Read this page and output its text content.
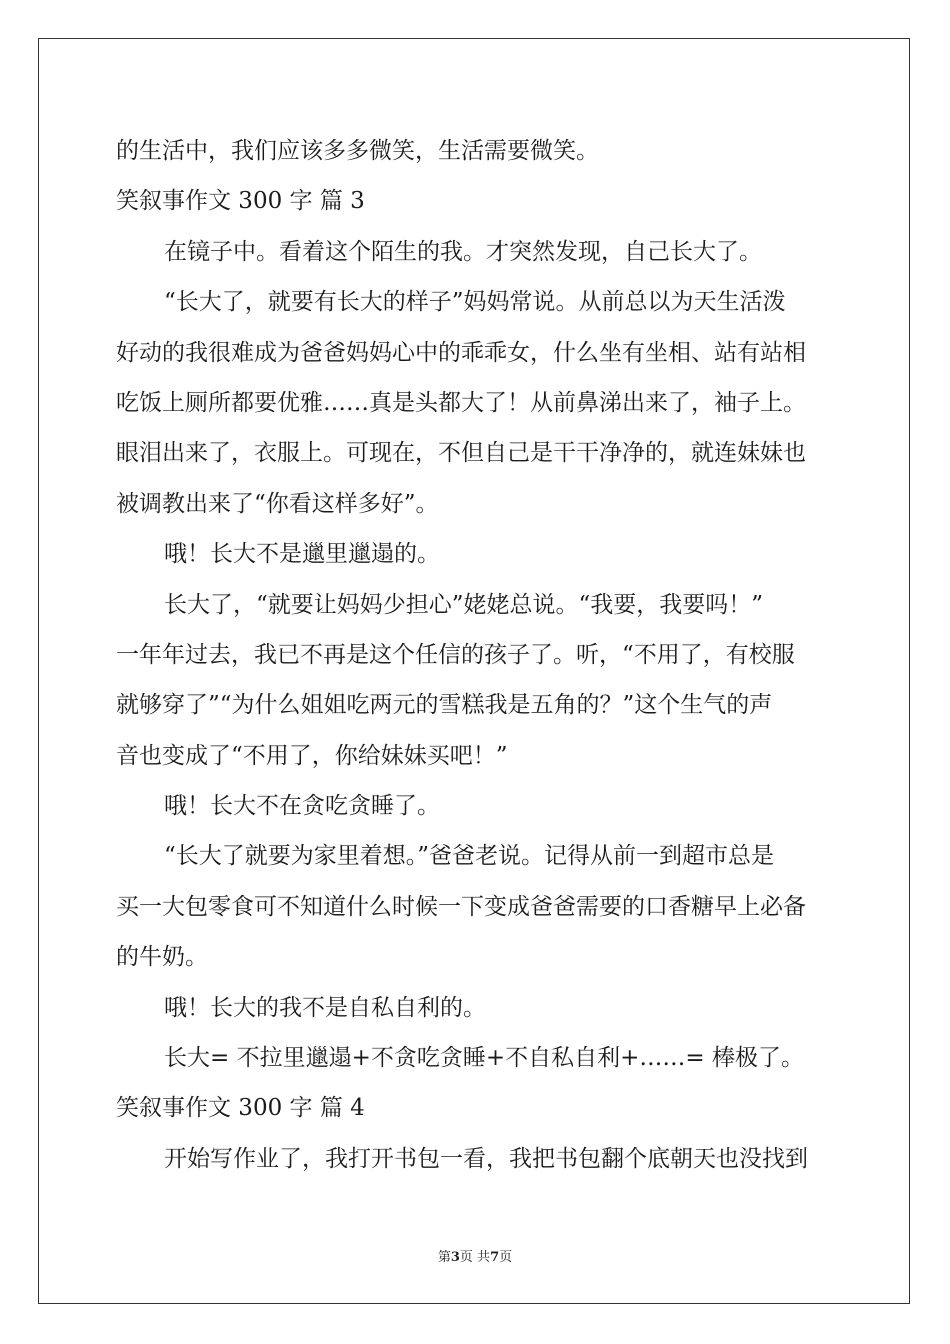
的生活中，我们应该多多微笑，生活需要微笑。
笑叙事作文 300 字 篇 3
在镜子中。看着这个陌生的我。才突然发现，自己长大了。
“长大了，就要有长大的样子”妈妈常说。从前总以为天生活泼
好动的我很难成为爸爸妈妈心中的乖乖女，什么坐有坐相、站有站相
吃饭上厕所都要优雅……真是头都大了！从前鼻涕出来了，袖子上。
眼泪出来了，衣服上。可现在，不但自己是干干净净的，就连妹妹也
被调教出来了“你看这样多好”。
哦！长大不是邋里邋遢的。
长大了，“就要让妈妈少担心”姥姥总说。“我要，我要吗！”
一年年过去，我已不再是这个任信的孩子了。听，“不用了，有校服
就够穿了”“为什么姐姐吃两元的雪糕我是五角的？”这个生气的声
音也变成了“不用了，你给妹妹买吧！”
哦！长大不在贪吃贪睡了。
“长大了就要为家里着想。”爸爸老说。记得从前一到超市总是
买一大包零食可不知道什么时候一下变成爸爸需要的口香糖早上必备
的牛奶。
哦！长大的我不是自私自利的。
长大= 不拉里邋遢+不贪吃贪睡+不自私自利+……= 棒极了。
笑叙事作文 300 字 篇 4
开始写作业了，我打开书包一看，我把书包翻个底朝天也没找到
第3页 共7页
